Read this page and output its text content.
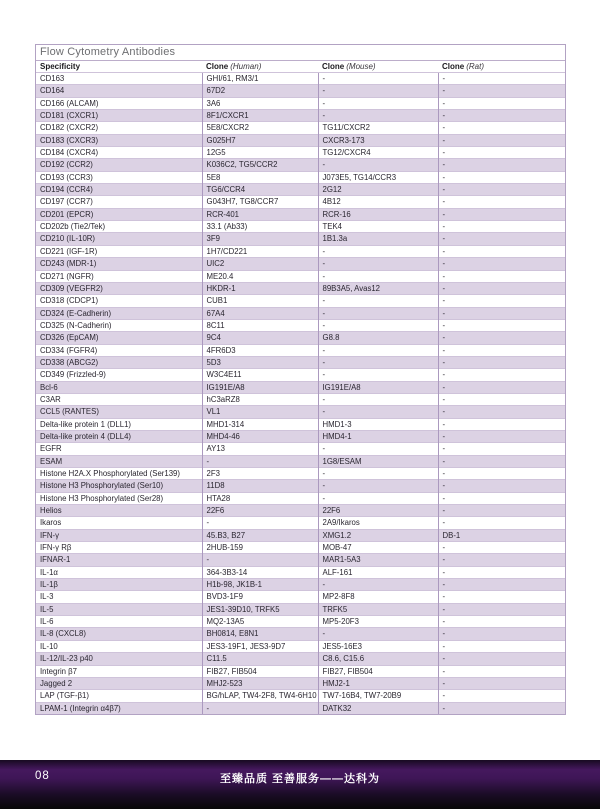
Flow Cytometry Antibodies
Specificity	Clone (Human)	Clone (Mouse)	Clone (Rat)
CD163	GHI/61, RM3/1	-	-
CD164	67D2	-	-
CD166 (ALCAM)	3A6	-	-
CD181 (CXCR1)	8F1/CXCR1	-	-
CD182 (CXCR2)	5E8/CXCR2	TG11/CXCR2	-
CD183 (CXCR3)	G025H7	CXCR3-173	-
CD184 (CXCR4)	12G5	TG12/CXCR4	-
CD192 (CCR2)	K036C2, TG5/CCR2	-	-
CD193 (CCR3)	5E8	J073E5, TG14/CCR3	-
CD194 (CCR4)	TG6/CCR4	2G12	-
CD197 (CCR7)	G043H7, TG8/CCR7	4B12	-
CD201 (EPCR)	RCR-401	RCR-16	-
CD202b (Tie2/Tek)	33.1 (Ab33)	TEK4	-
CD210 (IL-10R)	3F9	1B1.3a	-
CD221 (IGF-1R)	1H7/CD221	-	-
CD243 (MDR-1)	UIC2	-	-
CD271 (NGFR)	ME20.4	-	-
CD309 (VEGFR2)	HKDR-1	89B3A5, Avas12	-
CD318 (CDCP1)	CUB1	-	-
CD324 (E-Cadherin)	67A4	-	-
CD325 (N-Cadherin)	8C11	-	-
CD326 (EpCAM)	9C4	G8.8	-
CD334 (FGFR4)	4FR6D3	-	-
CD338 (ABCG2)	5D3	-	-
CD349 (Frizzled-9)	W3C4E11	-	-
Bcl-6	IG191E/A8	IG191E/A8	-
C3AR	hC3aRZ8	-	-
CCL5 (RANTES)	VL1	-	-
Delta-like protein 1 (DLL1)	MHD1-314	HMD1-3	-
Delta-like protein 4 (DLL4)	MHD4-46	HMD4-1	-
EGFR	AY13	-	-
ESAM	-	1G8/ESAM	-
Histone H2A.X Phosphorylated (Ser139)	2F3	-	-
Histone H3 Phosphorylated (Ser10)	11D8	-	-
Histone H3 Phosphorylated (Ser28)	HTA28	-	-
Helios	22F6	22F6	-
Ikaros	-	2A9/Ikaros	-
IFN-γ	45.B3, B27	XMG1.2	DB-1
IFN-γ Rβ	2HUB-159	MOB-47	-
IFNAR-1	-	MAR1-5A3	-
IL-1α	364-3B3-14	ALF-161	-
IL-1β	H1b-98, JK1B-1	-	-
IL-3	BVD3-1F9	MP2-8F8	-
IL-5	JES1-39D10, TRFK5	TRFK5	-
IL-6	MQ2-13A5	MP5-20F3	-
IL-8 (CXCL8)	BH0814, E8N1	-	-
IL-10	JES3-19F1, JES3-9D7	JES5-16E3	-
IL-12/IL-23 p40	C11.5	C8.6, C15.6	-
Integrin β7	FIB27, FIB504	FIB27, FIB504	-
Jagged 2	MHJ2-523	HMJ2-1	-
LAP (TGF-β1)	BG/hLAP, TW4-2F8, TW4-6H10	TW7-16B4, TW7-20B9	-
LPAM-1 (Integrin α4β7)	-	DATK32	-
08	至臻品质 至善服务——达科为
